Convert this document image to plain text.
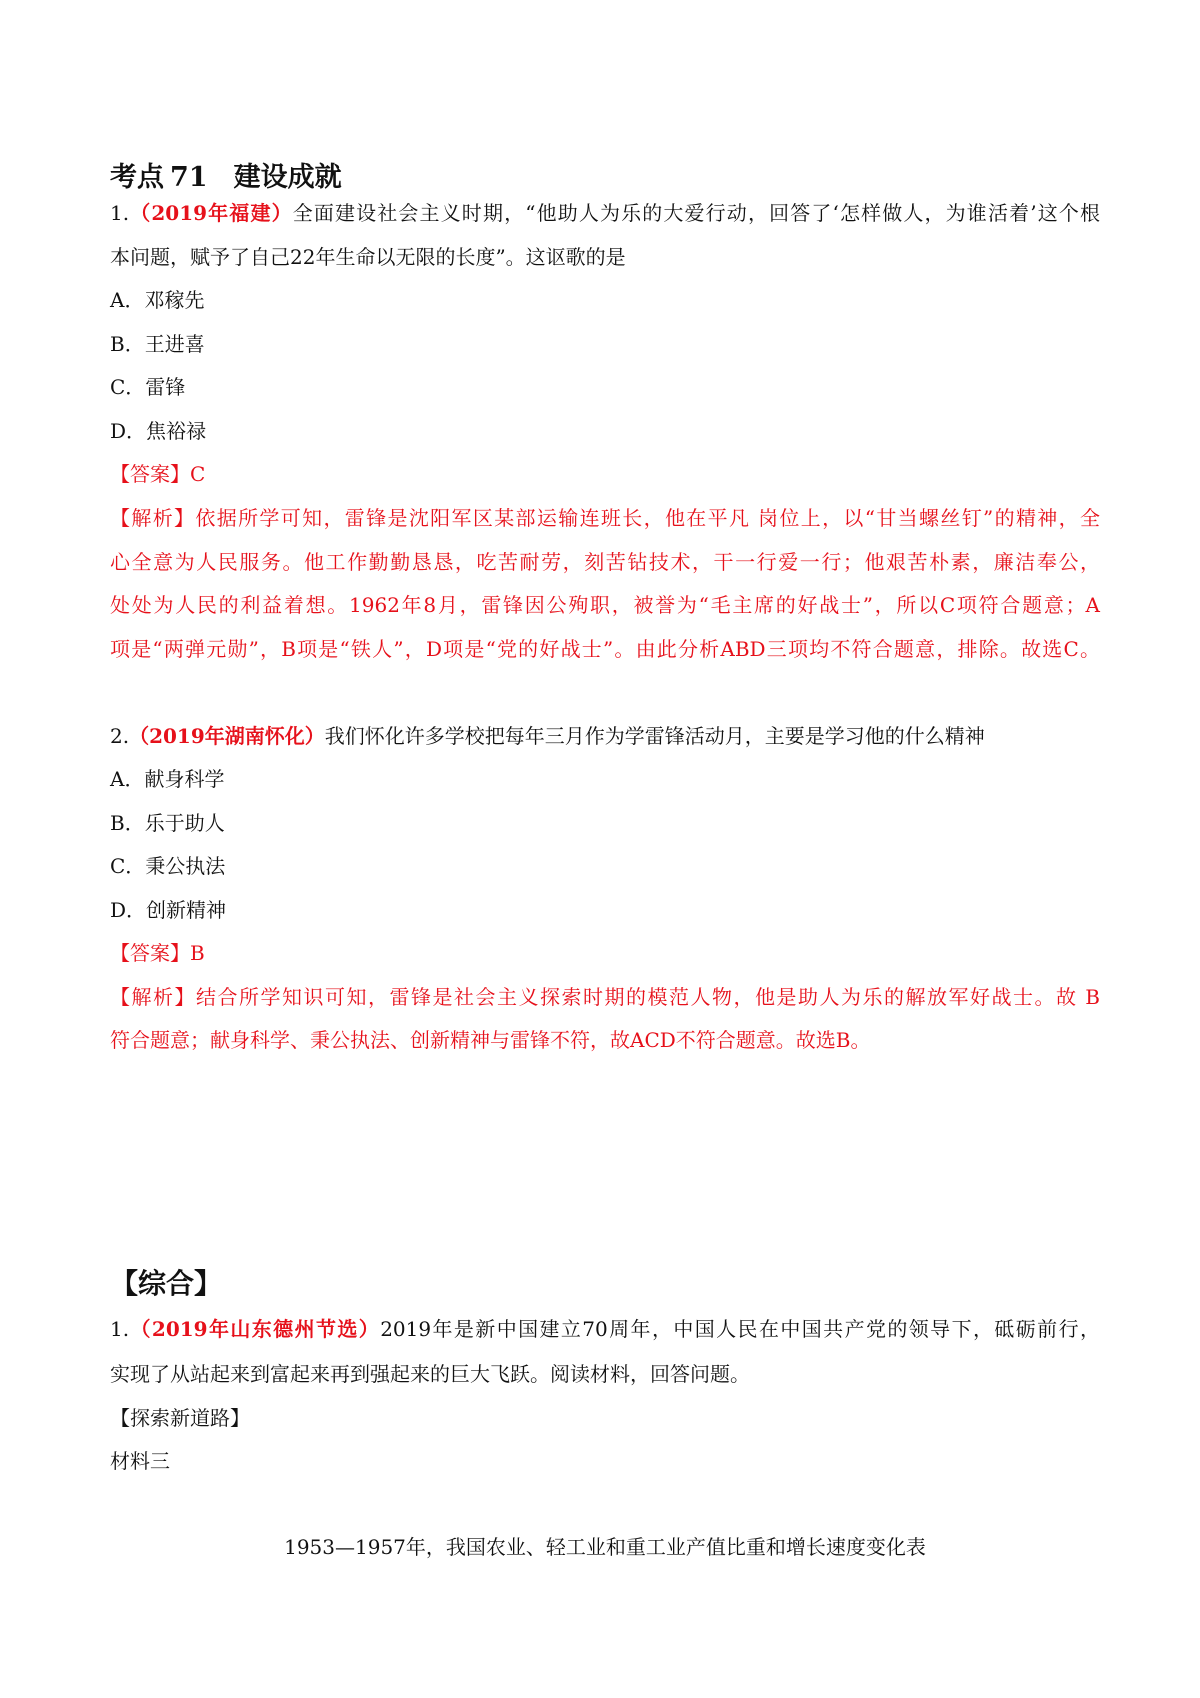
考点 71 建设成就

1.（2019年福建）全面建设社会主义时期，“他助人为乐的大爱行动，回答了‘怎样做人，为谁活着’这个根

本问题，赋予了自己22年生命以无限的长度”。这讴歌的是

A．邓稼先

B．王进喜

C．雷锋

D．焦裕禄

【答案】C

【解析】依据所学可知，雷锋是沈阳军区某部运输连班长，他在平凡 岗位上，以“甘当螺丝钉”的精神，全

心全意为人民服务。他工作勤勤恳恳，吃苦耐劳，刻苦钻技术，干一行爱一行；他艰苦朴素，廉洁奉公，

处处为人民的利益着想。1962年8月，雷锋因公殉职，被誉为“毛主席的好战士”，所以C项符合题意；A

项是“两弹元勋”，B项是“铁人”，D项是“党的好战士”。由此分析ABD三项均不符合题意，排除。故选C。

2.（2019年湖南怀化）我们怀化许多学校把每年三月作为学雷锋活动月，主要是学习他的什么精神

A．献身科学

B．乐于助人

C．秉公执法

D．创新精神

【答案】B

【解析】结合所学知识可知，雷锋是社会主义探索时期的模范人物，他是助人为乐的解放军好战士。故 B

符合题意；献身科学、秉公执法、创新精神与雷锋不符，故ACD不符合题意。故选B。

【综合】

1.（2019年山东德州节选）2019年是新中国建立70周年，中国人民在中国共产党的领导下，砥砺前行，

实现了从站起来到富起来再到强起来的巨大飞跃。阅读材料，回答问题。

【探索新道路】

材料三

1953—1957年，我国农业、轻工业和重工业产值比重和增长速度变化表
